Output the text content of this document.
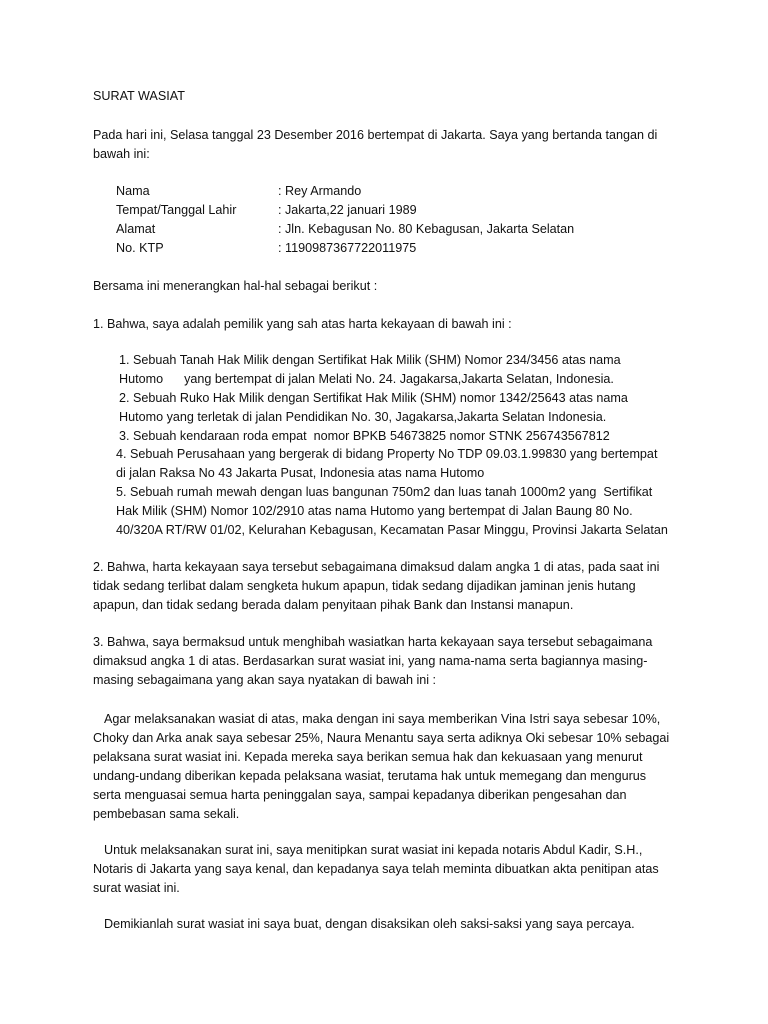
SURAT WASIAT
Pada hari ini, Selasa tanggal 23 Desember 2016 bertempat di Jakarta. Saya yang bertanda tangan di
bawah ini:
Nama	: Rey Armando
Tempat/Tanggal Lahir	: Jakarta,22 januari 1989
Alamat	: Jln. Kebagusan No. 80 Kebagusan, Jakarta Selatan
No. KTP	: 1190987367722011975
Bersama ini menerangkan hal-hal sebagai berikut :
1. Bahwa, saya adalah pemilik yang sah atas harta kekayaan di bawah ini :
1. Sebuah Tanah Hak Milik dengan Sertifikat Hak Milik (SHM) Nomor 234/3456 atas nama
Hutomo      yang bertempat di jalan Melati No. 24. Jagakarsa,Jakarta Selatan, Indonesia.
2. Sebuah Ruko Hak Milik dengan Sertifikat Hak Milik (SHM) nomor 1342/25643 atas nama
Hutomo yang terletak di jalan Pendidikan No. 30, Jagakarsa,Jakarta Selatan Indonesia.
3. Sebuah kendaraan roda empat  nomor BPKB 54673825 nomor STNK 256743567812
4. Sebuah Perusahaan yang bergerak di bidang Property No TDP 09.03.1.99830 yang bertempat
di jalan Raksa No 43 Jakarta Pusat, Indonesia atas nama Hutomo
5. Sebuah rumah mewah dengan luas bangunan 750m2 dan luas tanah 1000m2 yang  Sertifikat
Hak Milik (SHM) Nomor 102/2910 atas nama Hutomo yang bertempat di Jalan Baung 80 No.
40/320A RT/RW 01/02, Kelurahan Kebagusan, Kecamatan Pasar Minggu, Provinsi Jakarta Selatan
2. Bahwa, harta kekayaan saya tersebut sebagaimana dimaksud dalam angka 1 di atas, pada saat ini
tidak sedang terlibat dalam sengketa hukum apapun, tidak sedang dijadikan jaminan jenis hutang
apapun, dan tidak sedang berada dalam penyitaan pihak Bank dan Instansi manapun.
3. Bahwa, saya bermaksud untuk menghibah wasiatkan harta kekayaan saya tersebut sebagaimana
dimaksud angka 1 di atas. Berdasarkan surat wasiat ini, yang nama-nama serta bagiannya masing-
masing sebagaimana yang akan saya nyatakan di bawah ini :
Agar melaksanakan wasiat di atas, maka dengan ini saya memberikan Vina Istri saya sebesar 10%,
Choky dan Arka anak saya sebesar 25%, Naura Menantu saya serta adiknya Oki sebesar 10% sebagai
pelaksana surat wasiat ini. Kepada mereka saya berikan semua hak dan kekuasaan yang menurut
undang-undang diberikan kepada pelaksana wasiat, terutama hak untuk memegang dan mengurus
serta menguasai semua harta peninggalan saya, sampai kepadanya diberikan pengesahan dan
pembebasan sama sekali.
Untuk melaksanakan surat ini, saya menitipkan surat wasiat ini kepada notaris Abdul Kadir, S.H.,
Notaris di Jakarta yang saya kenal, dan kepadanya saya telah meminta dibuatkan akta penitipan atas
surat wasiat ini.
Demikianlah surat wasiat ini saya buat, dengan disaksikan oleh saksi-saksi yang saya percaya.
